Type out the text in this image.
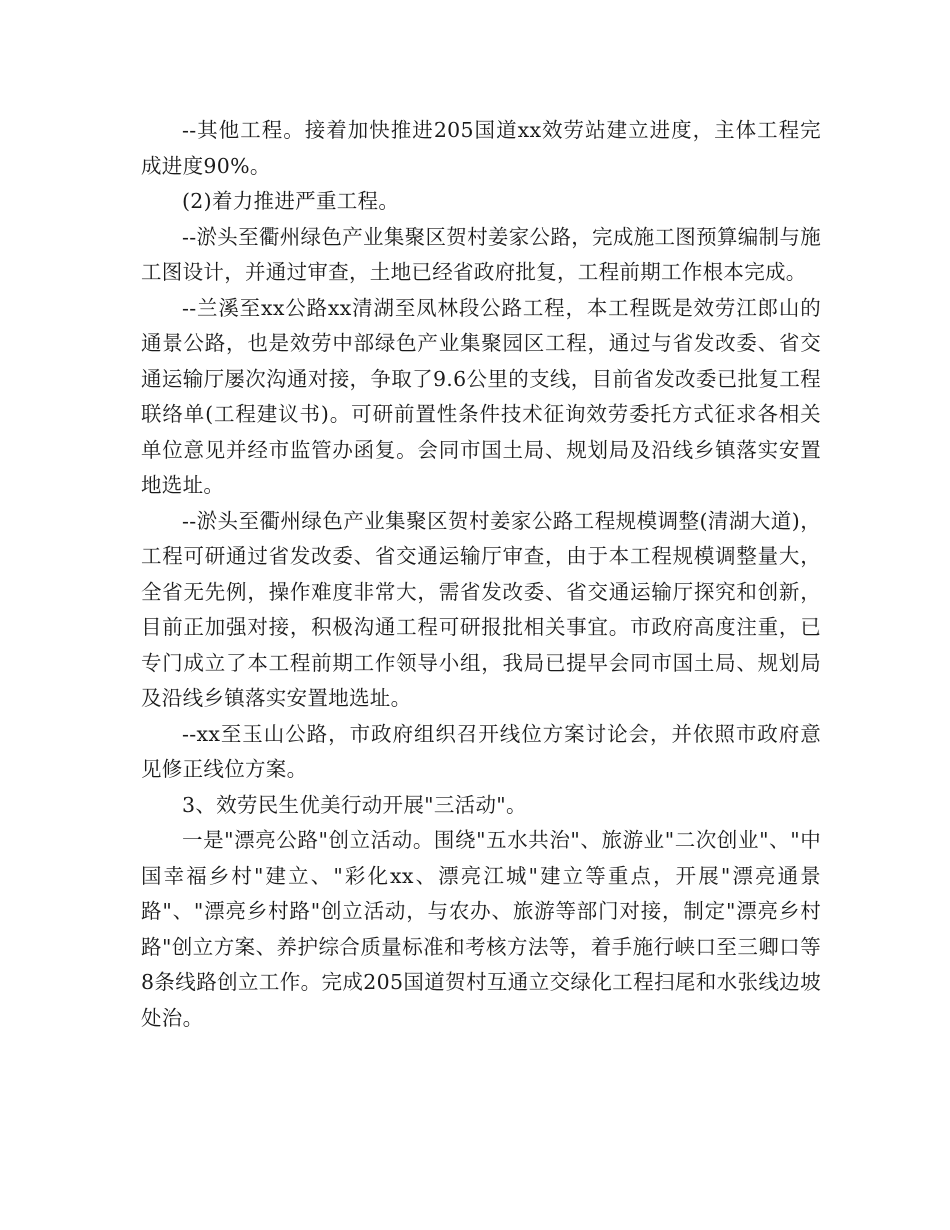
--其他工程。接着加快推进205国道xx效劳站建立进度，主体工程完成进度90%。

(2)着力推进严重工程。

--淤头至衢州绿色产业集聚区贺村姜家公路，完成施工图预算编制与施工图设计，并通过审查，土地已经省政府批复，工程前期工作根本完成。

--兰溪至xx公路xx清湖至凤林段公路工程，本工程既是效劳江郎山的通景公路，也是效劳中部绿色产业集聚园区工程，通过与省发改委、省交通运输厅屡次沟通对接，争取了9.6公里的支线，目前省发改委已批复工程联络单(工程建议书)。可研前置性条件技术征询效劳委托方式征求各相关单位意见并经市监管办函复。会同市国土局、规划局及沿线乡镇落实安置地选址。

--淤头至衢州绿色产业集聚区贺村姜家公路工程规模调整(清湖大道)，工程可研通过省发改委、省交通运输厅审查，由于本工程规模调整量大，全省无先例，操作难度非常大，需省发改委、省交通运输厅探究和创新，目前正加强对接，积极沟通工程可研报批相关事宜。市政府高度注重，已专门成立了本工程前期工作领导小组，我局已提早会同市国土局、规划局及沿线乡镇落实安置地选址。

--xx至玉山公路，市政府组织召开线位方案讨论会，并依照市政府意见修正线位方案。

3、效劳民生优美行动开展"三活动"。

一是"漂亮公路"创立活动。围绕"五水共治"、旅游业"二次创业"、"中国幸福乡村"建立、"彩化xx、漂亮江城"建立等重点，开展"漂亮通景路"、"漂亮乡村路"创立活动，与农办、旅游等部门对接，制定"漂亮乡村路"创立方案、养护综合质量标准和考核方法等，着手施行峡口至三卿口等8条线路创立工作。完成205国道贺村互通立交绿化工程扫尾和水张线边坡处治。
